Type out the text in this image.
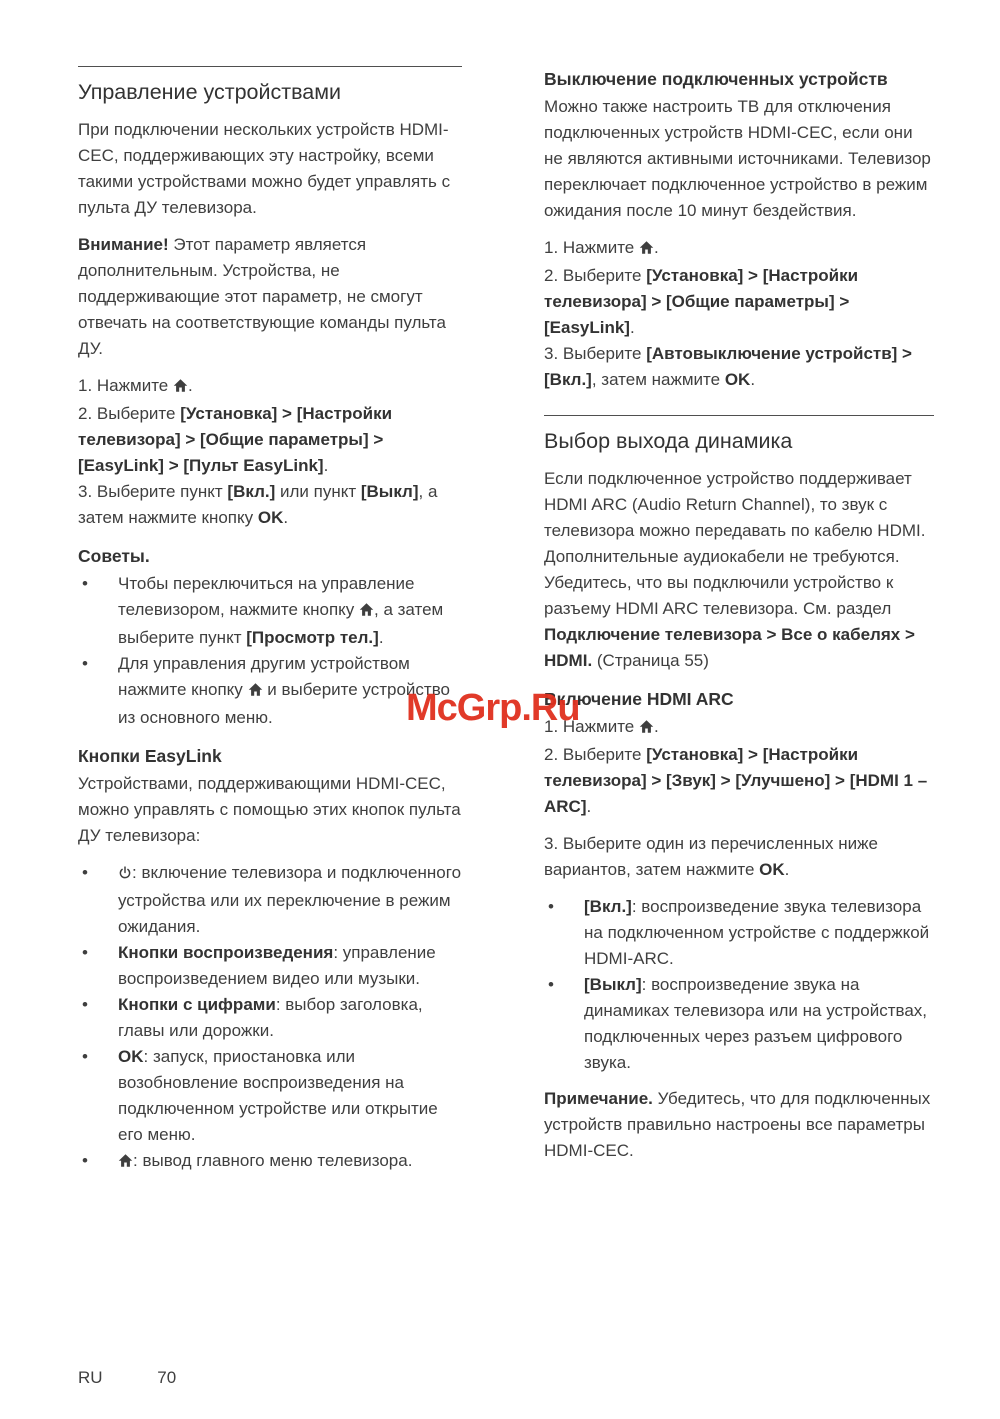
Управление устройствами

При подключении нескольких устройств HDMI-CEC, поддерживающих эту настройку, всеми такими устройствами можно будет управлять с пульта ДУ телевизора.

Внимание! Этот параметр является дополнительным. Устройства, не поддерживающие этот параметр, не смогут отвечать на соответствующие команды пульта ДУ.

1. Нажмите .

2. Выберите [Установка] > [Настройки телевизора] > [Общие параметры] > [EasyLink] > [Пульт EasyLink].

3. Выберите пункт [Вкл.] или пункт [Выкл], а затем нажмите кнопку OK.

Советы.
• Чтобы переключиться на управление телевизором, нажмите кнопку , а затем выберите пункт [Просмотр тел.].
• Для управления другим устройством нажмите кнопку  и выберите устройство из основного меню.
Кнопки EasyLink

Устройствами, поддерживающими HDMI-CEC, можно управлять с помощью этих кнопок пульта ДУ телевизора:

• : включение телевизора и подключенного устройства или их переключение в режим ожидания.
• Кнопки воспроизведения: управление воспроизведением видео или музыки.
• Кнопки с цифрами: выбор заголовка, главы или дорожки.
• OK: запуск, приостановка или возобновление воспроизведения на подключенном устройстве или открытие его меню.
• : вывод главного меню телевизора.
Выключение подключенных устройств

Можно также настроить ТВ для отключения подключенных устройств HDMI-CEC, если они не являются активными источниками. Телевизор переключает подключенное устройство в режим ожидания после 10 минут бездействия.

1. Нажмите .

2. Выберите [Установка] > [Настройки телевизора] > [Общие параметры] > [EasyLink].

3. Выберите [Автовыключение устройств] > [Вкл.], затем нажмите OK.

Выбор выхода динамика

Если подключенное устройство поддерживает HDMI ARC (Audio Return Channel), то звук с телевизора можно передавать по кабелю HDMI. Дополнительные аудиокабели не требуются. Убедитесь, что вы подключили устройство к разъему HDMI ARC телевизора. См. раздел Подключение телевизора > Все о кабелях > HDMI. (Страница 55)

Включение HDMI ARC

1. Нажмите .

2. Выберите [Установка] > [Настройки телевизора] > [Звук] > [Улучшено] > [HDMI 1 – ARC].

3. Выберите один из перечисленных ниже вариантов, затем нажмите OK.

• [Вкл.]: воспроизведение звука телевизора на подключенном устройстве с поддержкой HDMI-ARC.
• [Выкл]: воспроизведение звука на динамиках телевизора или на устройствах, подключенных через разъем цифрового звука.

Примечание. Убедитесь, что для подключенных устройств правильно настроены все параметры HDMI-CEC.

McGrp.Ru
RU	70
